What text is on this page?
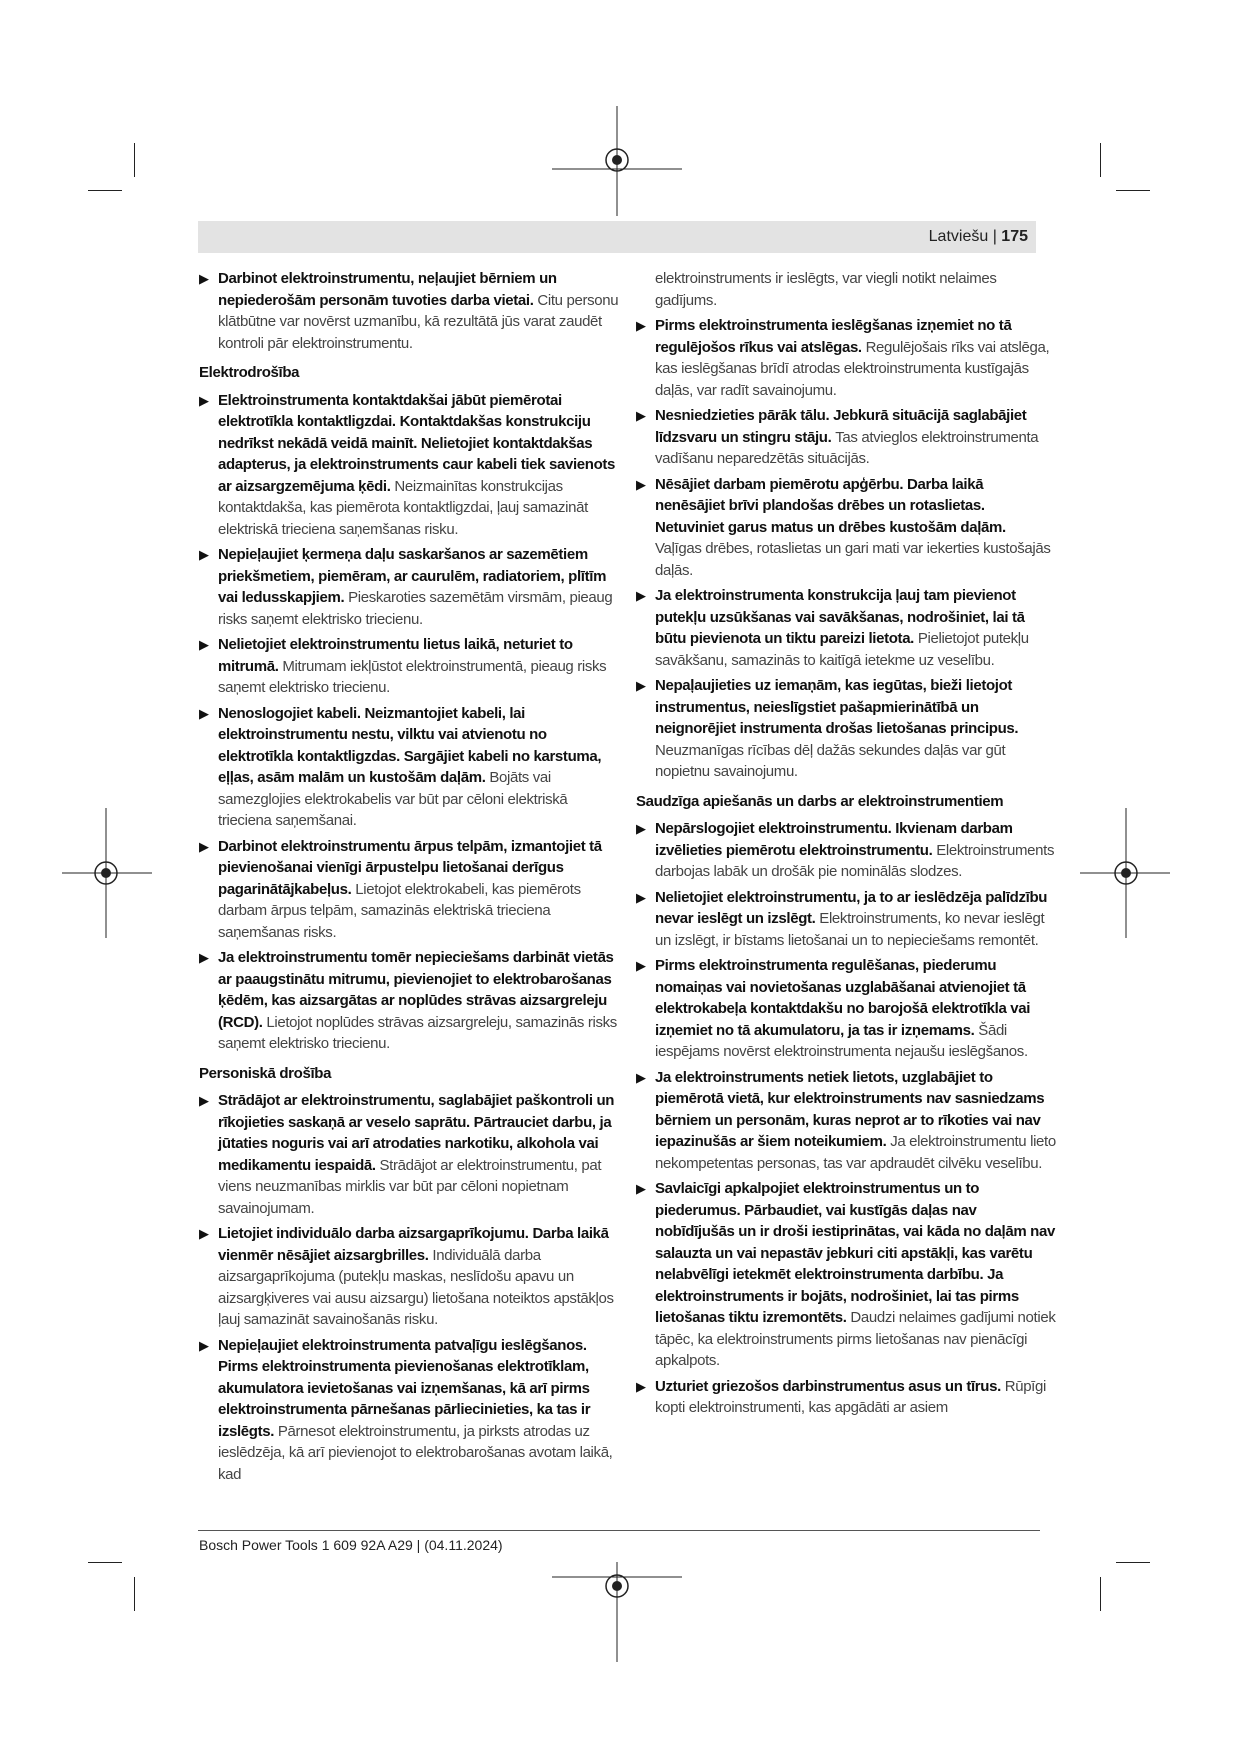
Latviešu | 175
▶ Darbinot elektroinstrumentu, neļaujiet bērniem un nepiederošām personām tuvoties darba vietai. Citu personu klātbūtne var novērst uzmanību, kā rezultātā jūs varat zaudēt kontroli pār elektroinstrumentu.
Elektrodrošība
▶ Elektroinstrumenta kontaktdakšai jābūt piemērotai elektrotīkla kontaktligzdai. Kontaktdakšas konstrukciju nedrīkst nekādā veidā mainīt. Nelietojiet kontaktdakšas adapterus, ja elektroinstruments caur kabeli tiek savienots ar aizsargzemējuma ķēdi. Neizmainītas konstrukcijas kontaktdakša, kas piemērota kontaktligzdai, ļauj samazināt elektriskā trieciena saņemšanas risku.
▶ Nepieļaujiet ķermeņa daļu saskaršanos ar sazemētiem priekšmetiem, piemēram, ar caurulēm, radiatoriem, plītīm vai ledusskapjiem. Pieskaroties sazemētām virsmām, pieaug risks saņemt elektrisko triecienu.
▶ Nelietojiet elektroinstrumentu lietus laikā, neturiet to mitrumā. Mitrumam iekļūstot elektroinstrumentā, pieaug risks saņemt elektrisko triecienu.
▶ Nenoslogojiet kabeli. Neizmantojiet kabeli, lai elektroinstrumentu nestu, vilktu vai atvienotu no elektrotīkla kontaktligzdas. Sargājiet kabeli no karstuma, eļļas, asām malām un kustošām daļām. Bojāts vai samezglojies elektrokabelis var būt par cēloni elektriskā trieciena saņemšanai.
▶ Darbinot elektroinstrumentu ārpus telpām, izmantojiet tā pievienošanai vienīgi ārpustelpu lietošanai derīgus pagarinātājkabeļus. Lietojot elektrokabeli, kas piemērots darbam ārpus telpām, samazinās elektriskā trieciena saņemšanas risks.
▶ Ja elektroinstrumentu tomēr nepieciešams darbināt vietās ar paaugstinātu mitrumu, pievienojiet to elektrobarošanas ķēdēm, kas aizsargātas ar noplūdes strāvas aizsargreleju (RCD). Lietojot noplūdes strāvas aizsargreleju, samazinās risks saņemt elektrisko triecienu.
Personiskā drošība
▶ Strādājot ar elektroinstrumentu, saglabājiet paškontroli un rīkojieties saskaņā ar veselo saprātu. Pārtrauciet darbu, ja jūtaties noguris vai arī atrodaties narkotiku, alkohola vai medikamentu iespaidā. Strādājot ar elektroinstrumentu, pat viens neuzmanības mirklis var būt par cēloni nopietnam savainojumam.
▶ Lietojiet individuālo darba aizsargaprīkojumu. Darba laikā vienmēr nēsājiet aizsargbrilles. Individuālā darba aizsargaprīkojuma (putekļu maskas, neslīdošu apavu un aizsargķiveres vai ausu aizsargu) lietošana noteiktos apstākļos ļauj samazināt savainošanās risku.
▶ Nepieļaujiet elektroinstrumenta patvaļīgu ieslēgšanos. Pirms elektroinstrumenta pievienošanas elektrotīklam, akumulatora ievietošanas vai izņemšanas, kā arī pirms elektroinstrumenta pārnešanas pārliecinieties, ka tas ir izslēgts. Pārnesot elektroinstrumentu, ja pirksts atrodas uz ieslēdzēja, kā arī pievienojot to elektrobarošanas avotam laikā, kad
elektroinstruments ir ieslēgts, var viegli notikt nelaimes gadījums.
▶ Pirms elektroinstrumenta ieslēgšanas izņemiet no tā regulējošos rīkus vai atslēgas. Regulējošais rīks vai atslēga, kas ieslēgšanas brīdī atrodas elektroinstrumenta kustīgajās daļās, var radīt savainojumu.
▶ Nesniedzieties pārāk tālu. Jebkurā situācijā saglabājiet līdzsvaru un stingru stāju. Tas atvieglos elektroinstrumenta vadīšanu neparedzētās situācijās.
▶ Nēsājiet darbam piemērotu apģērbu. Darba laikā nenēsājiet brīvi plandošas drēbes un rotaslietas. Netuviniet garus matus un drēbes kustošām daļām. Vaļīgas drēbes, rotaslietas un gari mati var iekerties kustošajās daļās.
▶ Ja elektroinstrumenta konstrukcija ļauj tam pievienot putekļu uzsūkšanas vai savākšanas, nodrošiniet, lai tā būtu pievienota un tiktu pareizi lietota. Pielietojot putekļu savākšanu, samazinās to kaitīgā ietekme uz veselību.
▶ Nepaļaujieties uz iemaņām, kas iegūtas, bieži lietojot instrumentus, neieslīgstiet pašapmierinātībā un neignorējiet instrumenta drošas lietošanas principus. Neuzmanīgas rīcības dēļ dažās sekundes daļās var gūt nopietnu savainojumu.
Saudzīga apiešanās un darbs ar elektroinstrumentiem
▶ Nepārslogojiet elektroinstrumentu. Ikvienam darbam izvēlieties piemērotu elektroinstrumentu. Elektroinstruments darbojas labāk un drošāk pie nominālās slodzes.
▶ Nelietojiet elektroinstrumentu, ja to ar ieslēdzēja palīdzību nevar ieslēgt un izslēgt. Elektroinstruments, ko nevar ieslēgt un izslēgt, ir bīstams lietošanai un to nepieciešams remontēt.
▶ Pirms elektroinstrumenta regulēšanas, piederumu nomaiņas vai novietošanas uzglabāšanai atvienojiet tā elektrokabeļa kontaktdakšu no barojošā elektrotīkla vai izņemiet no tā akumulatoru, ja tas ir izņemams. Šādi iespējams novērst elektroinstrumenta nejaušu ieslēgšanos.
▶ Ja elektroinstruments netiek lietots, uzglabājiet to piemērotā vietā, kur elektroinstruments nav sasniedzams bērniem un personām, kuras neprot ar to rīkoties vai nav iepazinušās ar šiem noteikumiem. Ja elektroinstrumentu lieto nekompetentas personas, tas var apdraudēt cilvēku veselību.
▶ Savlaicīgi apkalpojiet elektroinstrumentus un to piederumus. Pārbaudiet, vai kustīgās daļas nav nobīdījušās un ir droši iestiprinātas, vai kāda no daļām nav salauzta un vai nepastāv jebkuri citi apstākļi, kas varētu nelabvēlīgi ietekmēt elektroinstrumenta darbību. Ja elektroinstruments ir bojāts, nodrošiniet, lai tas pirms lietošanas tiktu izremontēts. Daudzi nelaimes gadījumi notiek tāpēc, ka elektroinstruments pirms lietošanas nav pienācīgi apkalpots.
▶ Uzturiet griezošos darbinstrumentus asus un tīrus. Rūpīgi kopti elektroinstrumenti, kas apgādāti ar asiem
Bosch Power Tools 1 609 92A A29 | (04.11.2024)
